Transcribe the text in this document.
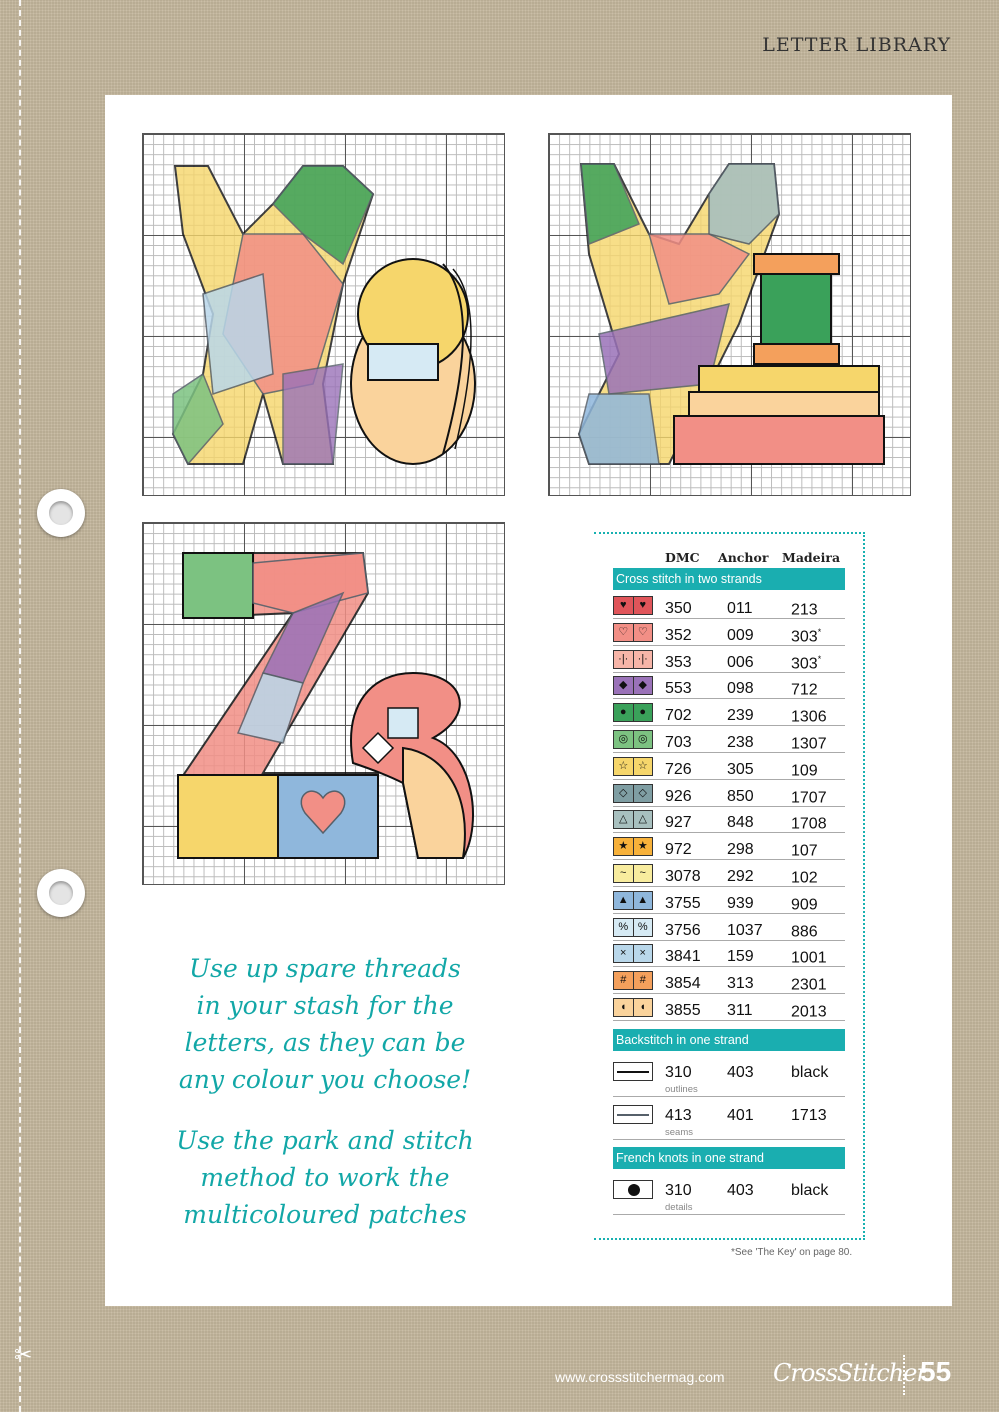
✂
LETTER LIBRARY
Use up spare threads
in your stash for the
letters, as they can be
any colour you choose!
Use the park and stitch
method to work the
multicoloured patches
DMC Anchor Madeira
Cross stitch in two strands
♥	♥	350 011 213
♡ ♡ 352 009 303*
·|· ·|· 353 006 303*
◆	◆	553 098 712
●	●	702 239 1306
◎ ◎ 703 238 1307
☆ ☆ 726 305 109
◇	◇	926 850 1707
△	△	927 848 1708
★ ★ 972 298 107
~	~	3078 292 102
▲ ▲ 3755 939 909
% % 3756 1037 886
×	×	3841 159 1001
#	#	3854 313 2301
◖	◖	3855 311 2013
Backstitch in one strand
310 403 black
outlines
413 401 1713
seams
French knots in one strand
310 403 black
details
*See 'The Key' on page 80.
www.crossstitchermag.com CrossStitcher
55
